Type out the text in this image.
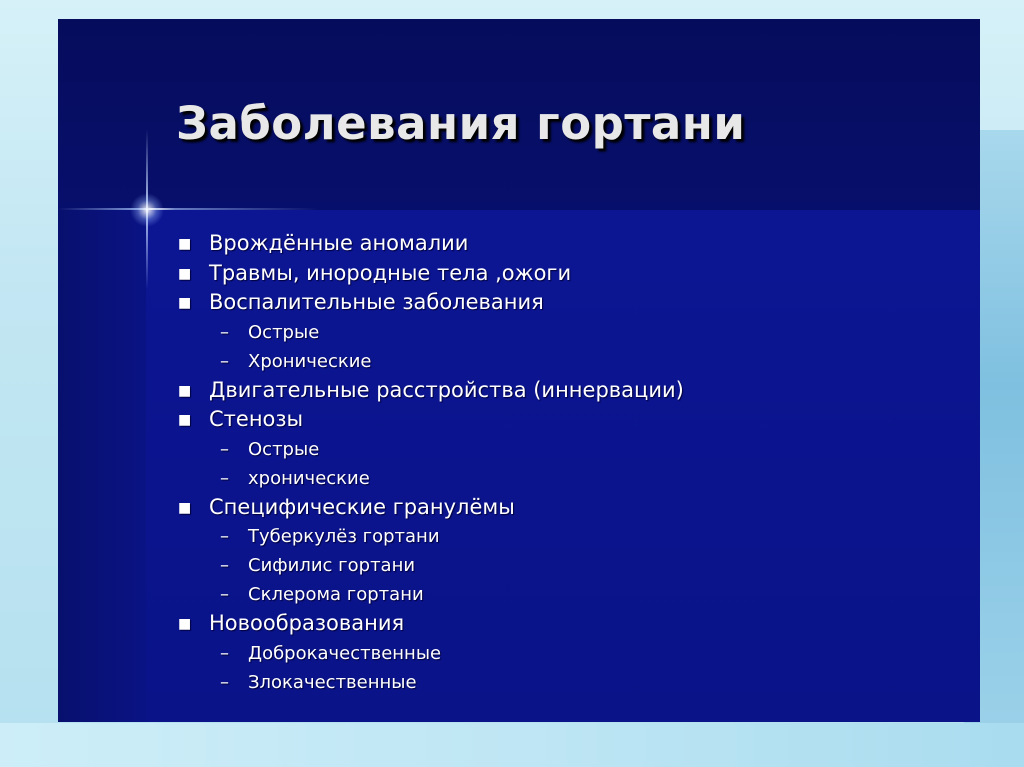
Заболевания гортани
■ Врождённые аномалии
■ Травмы, инородные тела ,ожоги
■ Воспалительные заболевания
– Острые
– Хронические
■ Двигательные расстройства (иннервации)
■ Стенозы
– Острые
– хронические
■ Специфические гранулёмы
– Туберкулёз гортани
– Сифилис гортани
– Склерома гортани
■ Новообразования
– Доброкачественные
– Злокачественные
